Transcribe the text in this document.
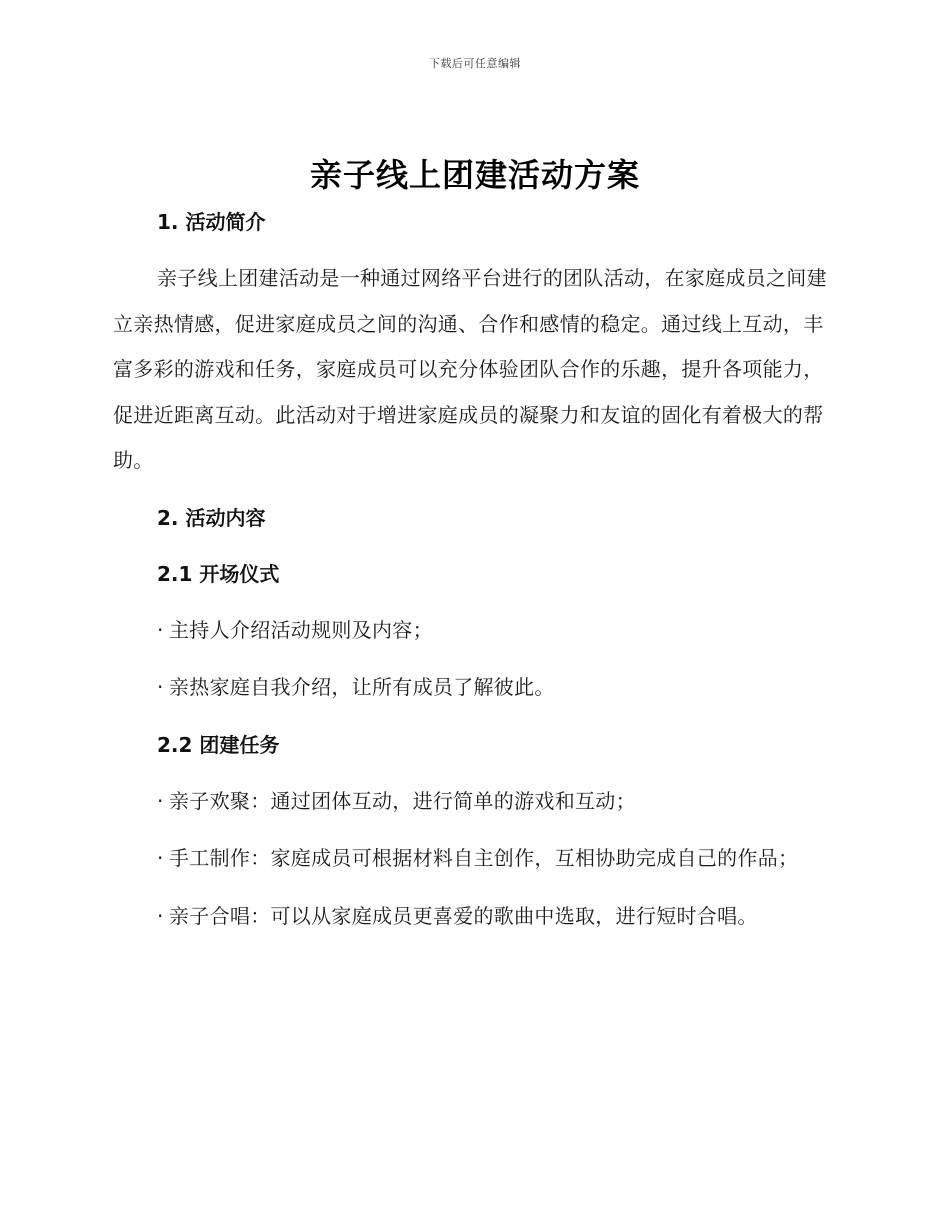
下载后可任意编辑
亲子线上团建活动方案
1. 活动简介

亲子线上团建活动是一种通过网络平台进行的团队活动，在家庭成员之间建立亲热情感，促进家庭成员之间的沟通、合作和感情的稳定。通过线上互动，丰富多彩的游戏和任务，家庭成员可以充分体验团队合作的乐趣，提升各项能力，促进近距离互动。此活动对于增进家庭成员的凝聚力和友谊的固化有着极大的帮助。

2. 活动内容
2.1 开场仪式
· 主持人介绍活动规则及内容；
· 亲热家庭自我介绍，让所有成员了解彼此。
2.2 团建任务
· 亲子欢聚：通过团体互动，进行简单的游戏和互动；
· 手工制作：家庭成员可根据材料自主创作，互相协助完成自己的作品；
· 亲子合唱：可以从家庭成员更喜爱的歌曲中选取，进行短时合唱。
